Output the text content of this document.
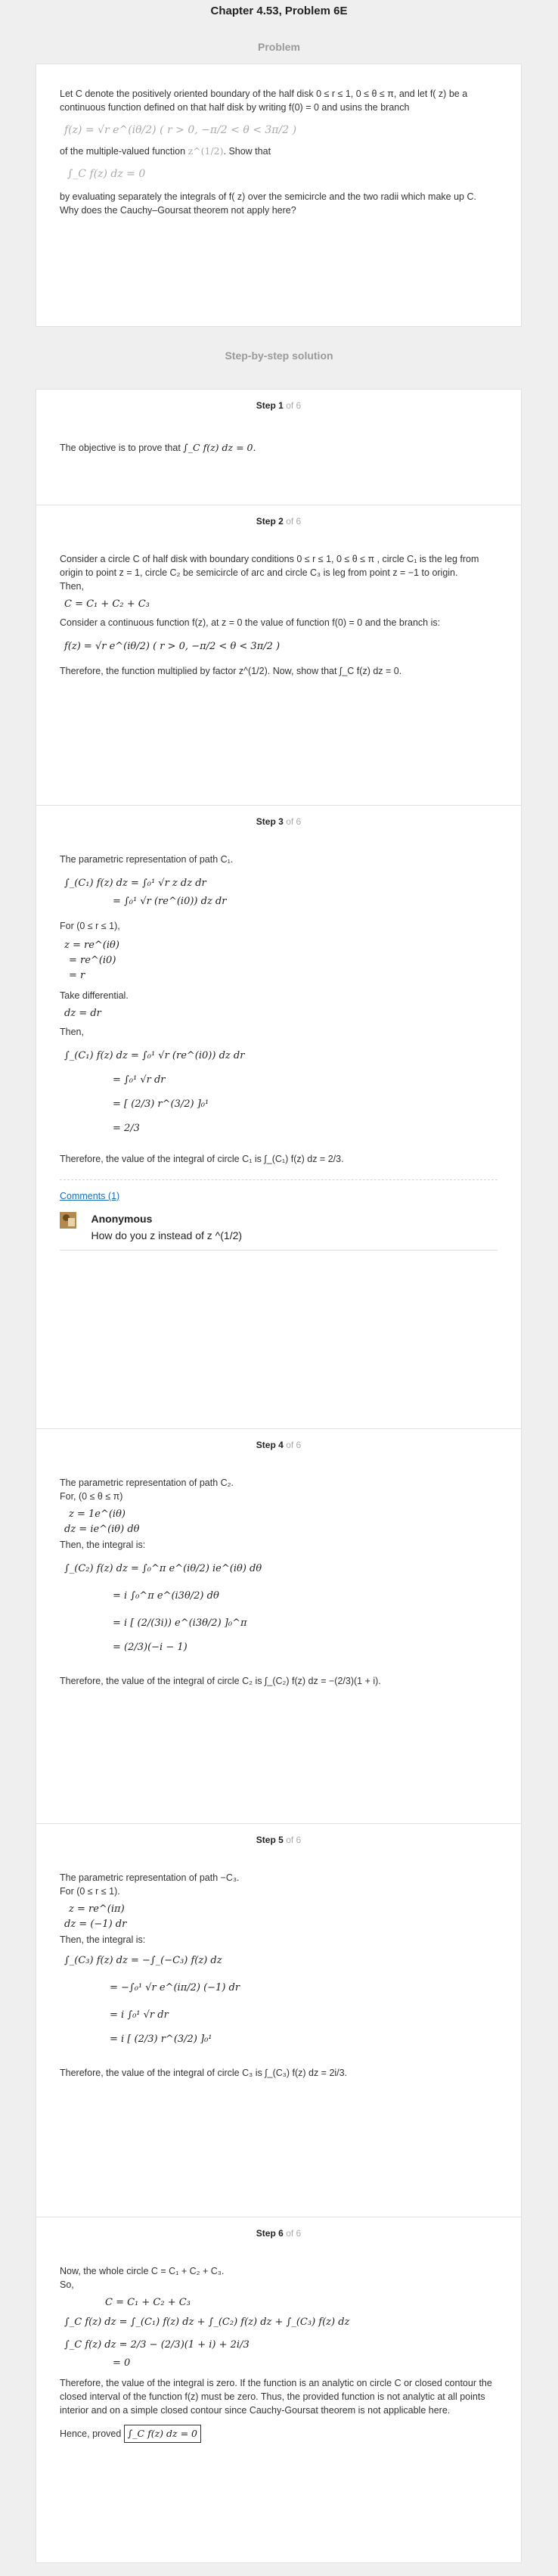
Chapter 4.53, Problem 6E
Problem

Let C denote the positively oriented boundary of the half disk 0 ≤ r ≤ 1, 0 ≤ θ ≤ π, and let f( z) be a continuous function defined on that half disk by writing f(0) = 0 and usins the branch

f(z) = √r e^(iθ/2) ( r > 0, −π/2 < θ < 3π/2 )

of the multiple-valued function z^(1/2). Show that

∫_C f(z) dz = 0

by evaluating separately the integrals of f( z) over the semicircle and the two radii which make up C. Why does the Cauchy–Goursat theorem not apply here?

Step-by-step solution
Step 1 of 6

The objective is to prove that ∫_C f(z) dz = 0.

Step 2 of 6

Consider a circle C of half disk with boundary conditions 0 ≤ r ≤ 1, 0 ≤ θ ≤ π , circle C₁ is the leg from origin to point z = 1, circle C₂ be semicircle of arc and circle C₃ is leg from point z = −1 to origin.

Then,

C = C₁ + C₂ + C₃

Consider a continuous function f(z), at z = 0 the value of function f(0) = 0 and the branch is:

f(z) = √r e^(iθ/2) ( r > 0, −π/2 < θ < 3π/2 )

Therefore, the function multiplied by factor z^(1/2). Now, show that ∫_C f(z) dz = 0.

Step 3 of 6

The parametric representation of path C₁.

∫_(C₁) f(z) dz = ∫₀¹ √r z dz dr
= ∫₀¹ √r (re^(i0)) dz dr

For (0 ≤ r ≤ 1),

z = re^(iθ)
= re^(i0)
= r

Take differential.

dz = dr

Then,

∫_(C₁) f(z) dz = ∫₀¹ √r (re^(i0)) dz dr
= ∫₀¹ √r dr
= [ (2/3) r^(3/2) ]₀¹
= 2/3

Therefore, the value of the integral of circle C₁ is ∫_(C₁) f(z) dz = 2/3.

Comments (1)

Anonymous
How do you z instead of z ^(1/2)
Step 4 of 6

The parametric representation of path C₂.

For, (0 ≤ θ ≤ π)

z = 1e^(iθ)
dz = ie^(iθ) dθ

Then, the integral is:

∫_(C₂) f(z) dz = ∫₀^π e^(iθ/2) ie^(iθ) dθ
= i ∫₀^π e^(i3θ/2) dθ
= i [ (2/(3i)) e^(i3θ/2) ]₀^π
= (2/3)(−i − 1)

Therefore, the value of the integral of circle C₂ is ∫_(C₂) f(z) dz = −(2/3)(1 + i).

Step 5 of 6

The parametric representation of path −C₃.

For (0 ≤ r ≤ 1).

z = re^(iπ)
dz = (−1) dr

Then, the integral is:

∫_(C₃) f(z) dz = −∫_(−C₃) f(z) dz
= −∫₀¹ √r e^(iπ/2) (−1) dr
= i ∫₀¹ √r dr
= i [ (2/3) r^(3/2) ]₀¹

Therefore, the value of the integral of circle C₃ is ∫_(C₃) f(z) dz = 2i/3.

Step 6 of 6

Now, the whole circle C = C₁ + C₂ + C₃.

So,

C = C₁ + C₂ + C₃
∫_C f(z) dz = ∫_(C₁) f(z) dz + ∫_(C₂) f(z) dz + ∫_(C₃) f(z) dz
∫_C f(z) dz = 2/3 − (2/3)(1 + i) + 2i/3
= 0

Therefore, the value of the integral is zero. If the function is an analytic on circle C or closed contour the closed interval of the function f(z) must be zero. Thus, the provided function is not analytic at all points interior and on a simple closed contour since Cauchy-Goursat theorem is not applicable here.

Hence, proved ∫_C f(z) dz = 0
